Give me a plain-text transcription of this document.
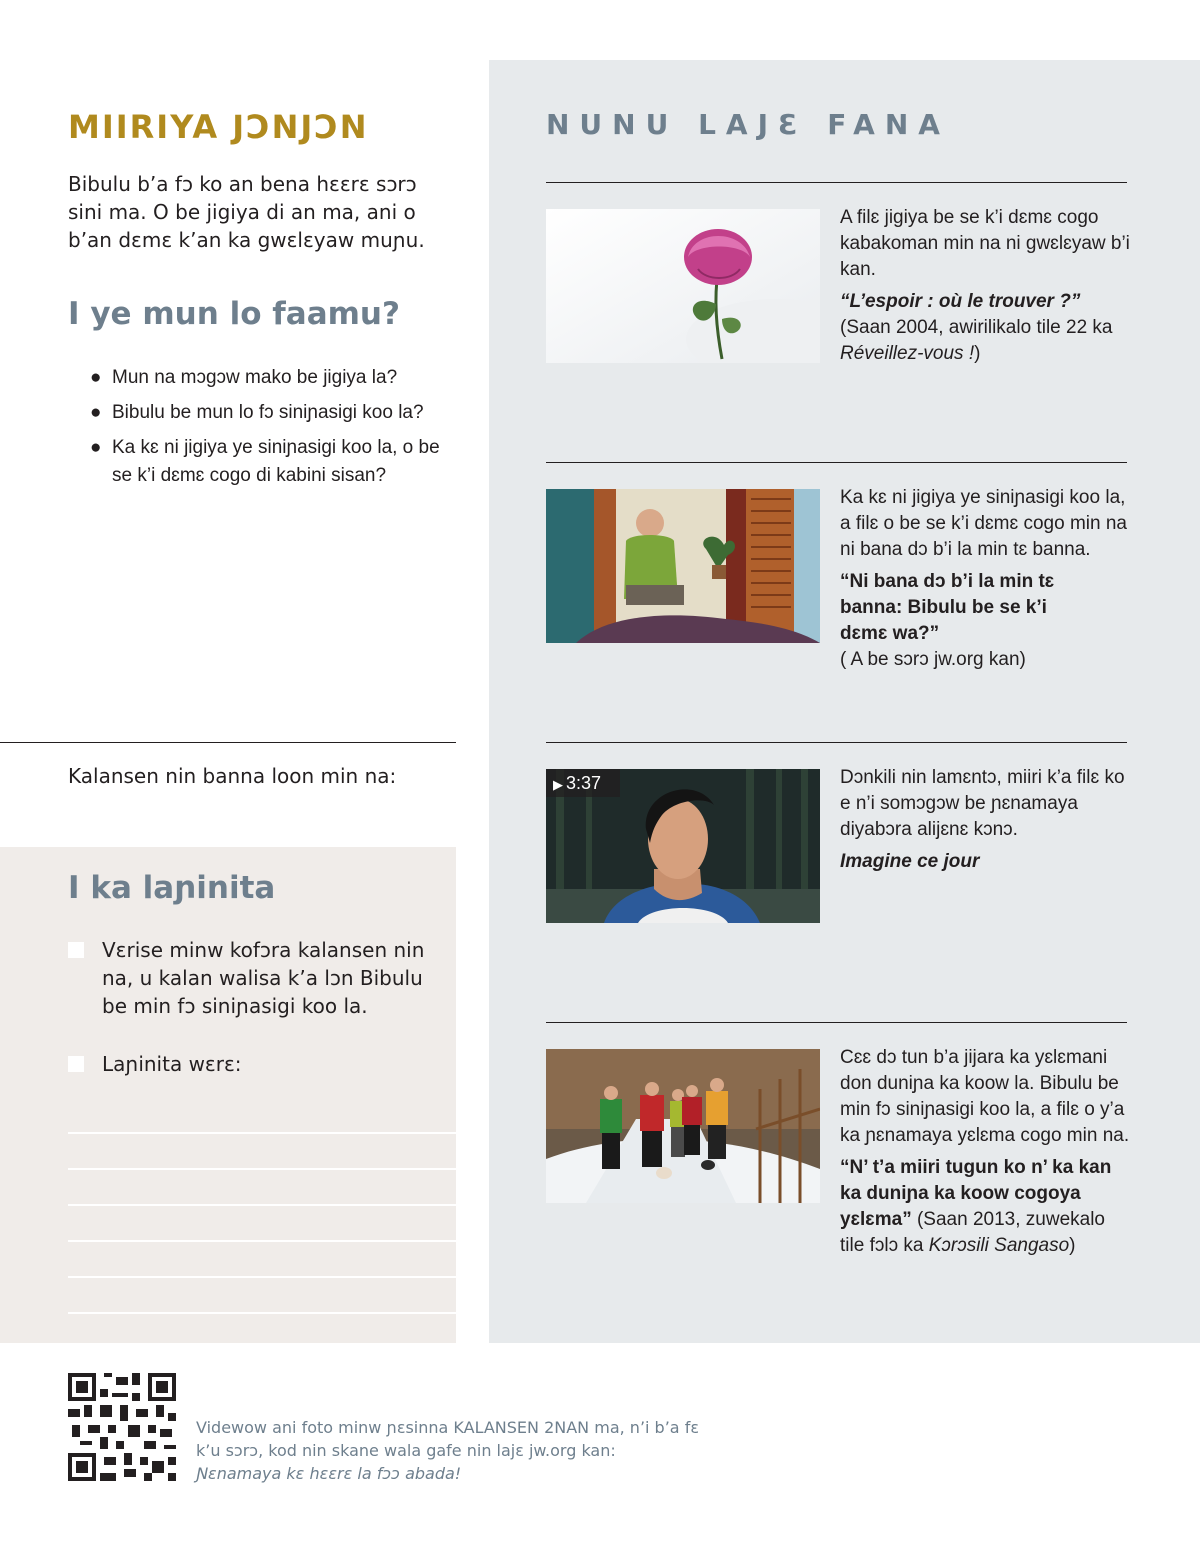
MIIRIYA JƆNJƆN

Bibulu b’a fɔ ko an bena hɛɛrɛ sɔrɔ sini ma. O be jigiya di an ma, ani o b’an dɛmɛ k’an ka gwɛlɛyaw muɲu.

I ye mun lo faamu?
● Mun na mɔgɔw mako be jigiya la?
● Bibulu be mun lo fɔ siniɲasigi koo la?
● Ka kɛ ni jigiya ye siniɲasigi koo la, o be se k’i dɛmɛ cogo di kabini sisan?

Kalansen nin banna loon min na:

I ka laɲinita
Vɛrise minw kofɔra kalansen nin na, u kalan walisa k’a lɔn Bibulu be min fɔ siniɲasigi koo la.
Laɲinita wɛrɛ:
NUNU LAJƐ FANA

A filɛ jigiya be se k’i dɛmɛ cogo kabakoman min na ni gwɛlɛyaw b’i kan.

“L’espoir : où le trouver ?”

(Saan 2004, awirilikalo tile 22 ka
Réveillez-vous !)

Ka kɛ ni jigiya ye siniɲasigi koo la, a filɛ o be se k’i dɛmɛ cogo min na ni bana dɔ b’i la min tɛ banna.

“Ni bana dɔ b’i la min tɛ banna: Bibulu be se k’i dɛmɛ wa?”

( A be sɔrɔ jw.org kan)

▶ 3:37	Dɔnkili nin lamɛntɔ, miiri k’a filɛ ko e n’i somɔgɔw be ɲɛnamaya diyabɔra alijɛnɛ kɔnɔ.

Imagine ce jour

Cɛɛ dɔ tun b’a jijara ka yɛlɛmani don duniɲa ka koow la. Bibulu be min fɔ siniɲasigi koo la, a filɛ o y’a ka ɲɛnamaya yɛlɛma cogo min na.

“N’ t’a miiri tugun ko n’ ka kan ka duniɲa ka koow cogoya yɛlɛma” (Saan 2013, zuwekalo tile fɔlɔ ka Kɔrɔsili Sangaso)

Videwow ani foto minw ɲɛsinna KALANSEN 2NAN ma, n’i b’a fɛ k’u sɔrɔ, kod nin skane wala gafe nin lajɛ jw.org kan:
Ɲɛnamaya kɛ hɛɛrɛ la fɔɔ abada!
